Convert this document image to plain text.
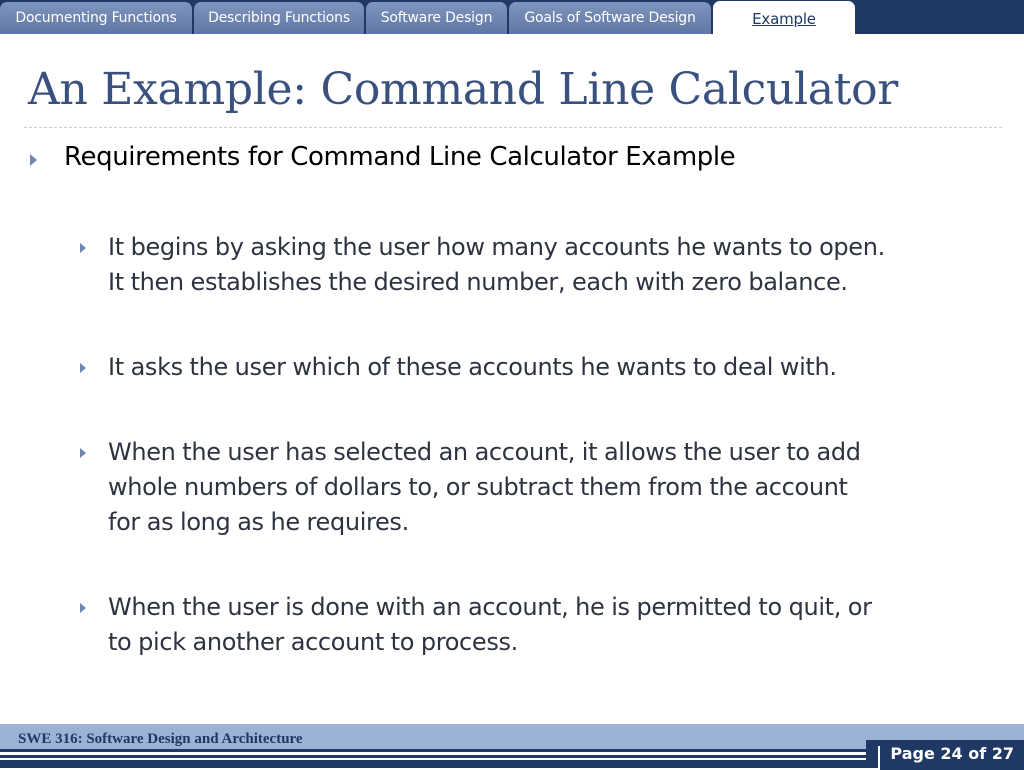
Documenting Functions	Describing Functions	Software Design	Goals of Software Design	Example
An Example: Command Line Calculator

Requirements for Command Line Calculator Example

It begins by asking the user how many accounts he wants to open.
It then establishes the desired number, each with zero balance.

It asks the user which of these accounts he wants to deal with.

When the user has selected an account, it allows the user to add
whole numbers of dollars to, or subtract them from the account
for as long as he requires.

When the user is done with an account, he is permitted to quit, or
to pick another account to process.

SWE 316: Software Design and Architecture

Page 24 of 27
